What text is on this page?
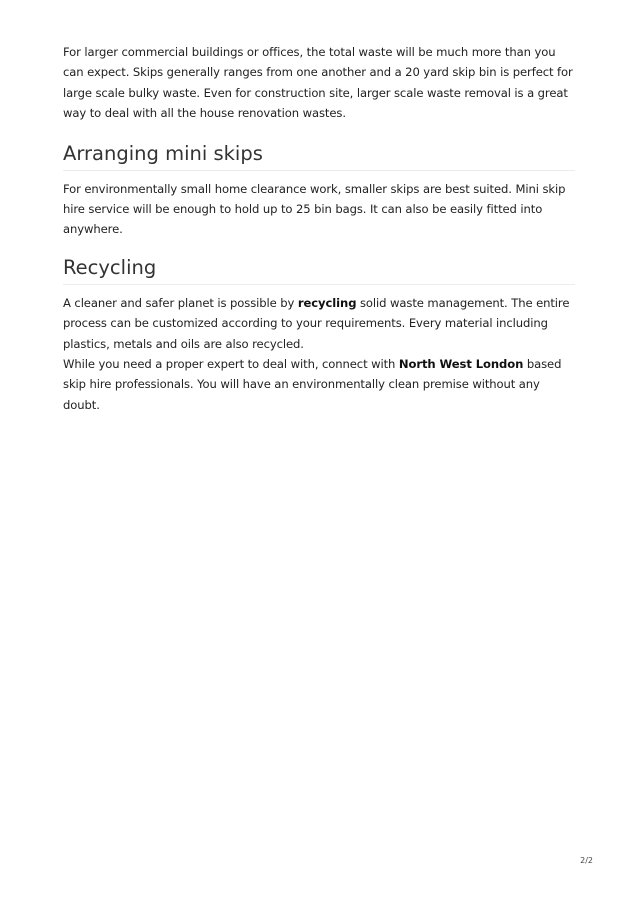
For larger commercial buildings or offices, the total waste will be much more than you can expect. Skips generally ranges from one another and a 20 yard skip bin is perfect for large scale bulky waste. Even for construction site, larger scale waste removal is a great way to deal with all the house renovation wastes.

Arranging mini skips

For environmentally small home clearance work, smaller skips are best suited. Mini skip hire service will be enough to hold up to 25 bin bags. It can also be easily fitted into anywhere.

Recycling

A cleaner and safer planet is possible by recycling solid waste management. The entire process can be customized according to your requirements. Every material including plastics, metals and oils are also recycled.

While you need a proper expert to deal with, connect with North West London based skip hire professionals. You will have an environmentally clean premise without any doubt.

2/2
